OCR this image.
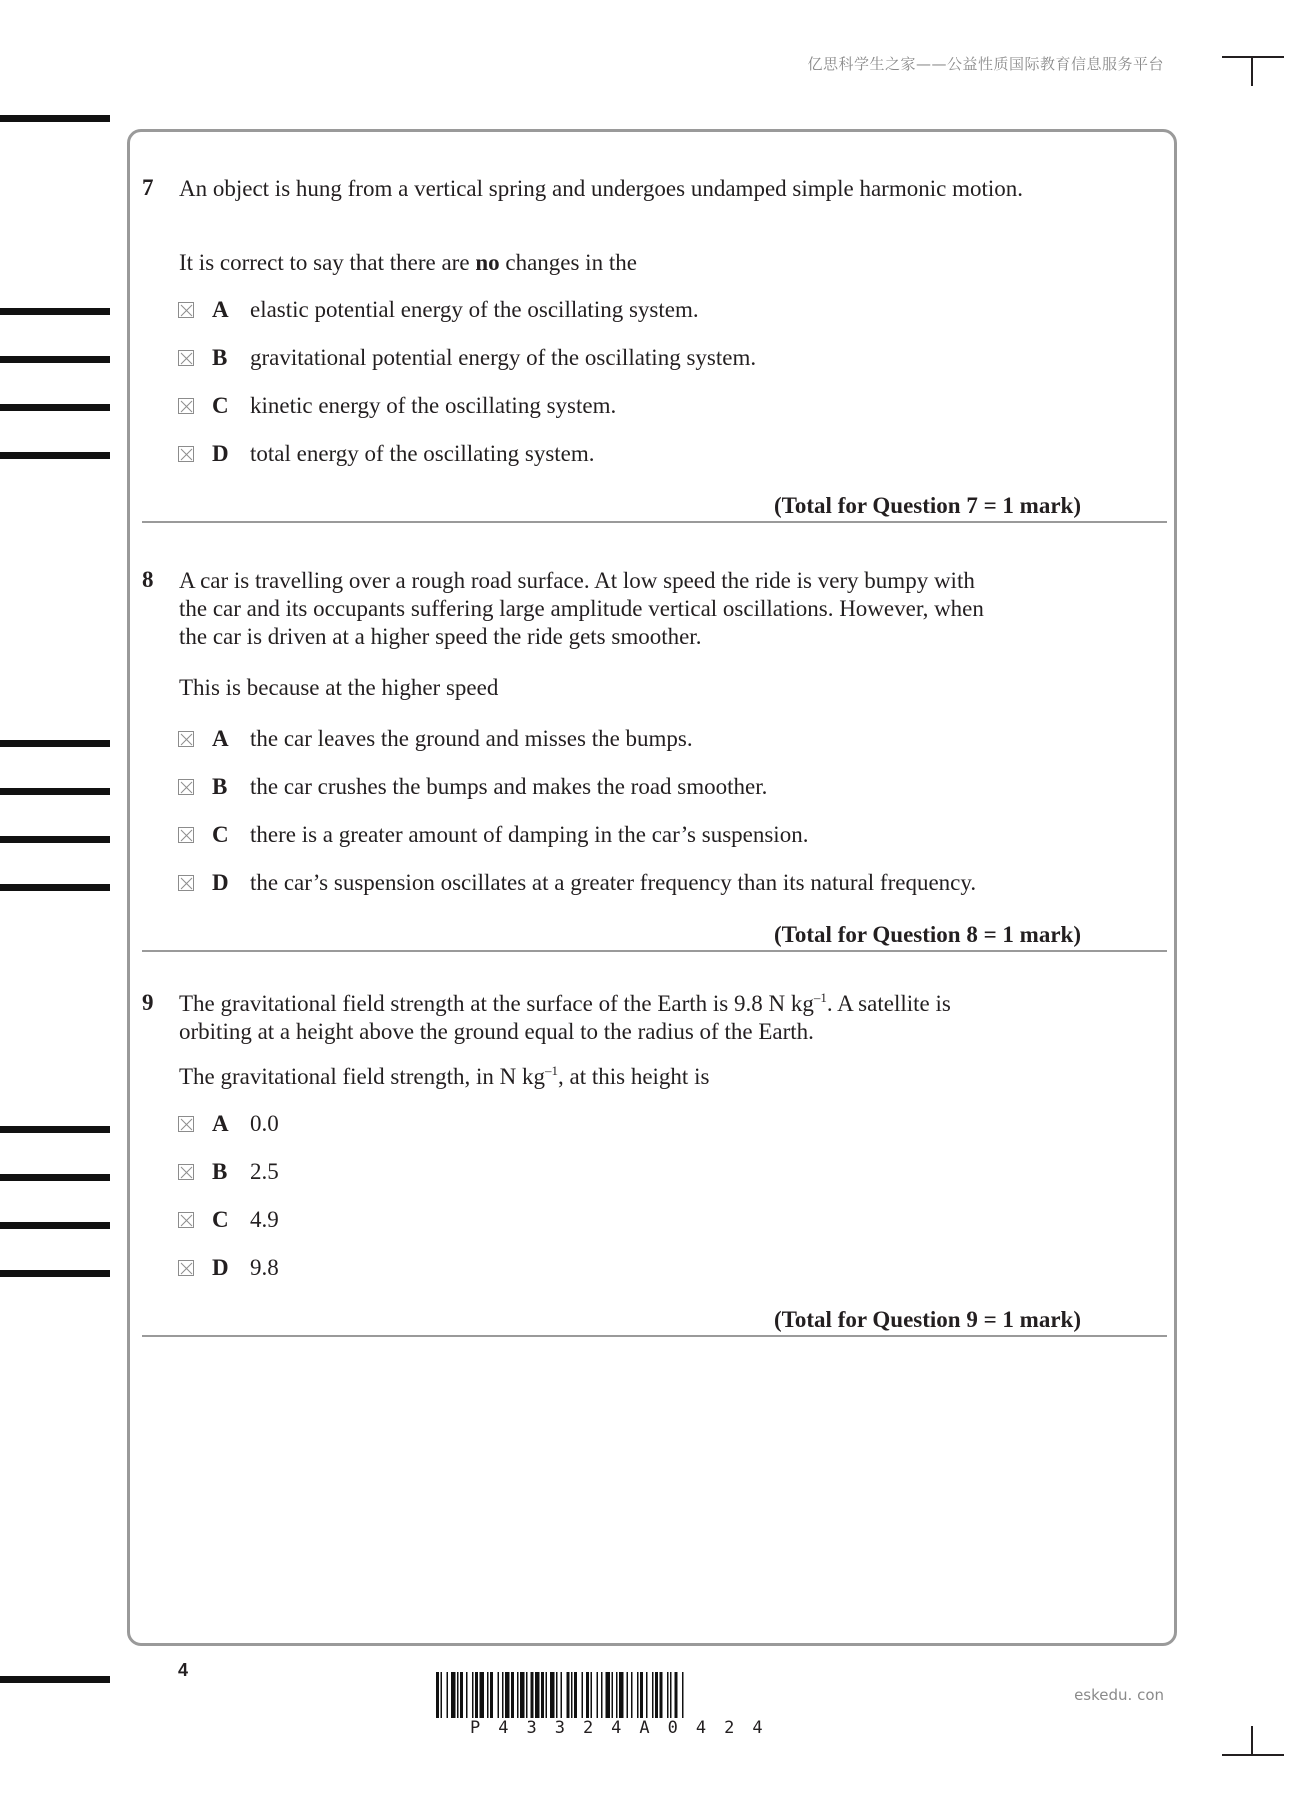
亿思科学生之家——公益性质国际教育信息服务平台
7 An object is hung from a vertical spring and undergoes undamped simple harmonic motion.
It is correct to say that there are no changes in the
A elastic potential energy of the oscillating system.
B gravitational potential energy of the oscillating system.
C kinetic energy of the oscillating system.
D total energy of the oscillating system.
(Total for Question 7 = 1 mark)
8 A car is travelling over a rough road surface. At low speed the ride is very bumpy with
the car and its occupants suffering large amplitude vertical oscillations. However, when
the car is driven at a higher speed the ride gets smoother.
This is because at the higher speed
A the car leaves the ground and misses the bumps.
B the car crushes the bumps and makes the road smoother.
C there is a greater amount of damping in the car’s suspension.
D the car’s suspension oscillates at a greater frequency than its natural frequency.
(Total for Question 8 = 1 mark)
9 The gravitational field strength at the surface of the Earth is 9.8 N $kg^{-1}$. A satellite is
orbiting at a height above the ground equal to the radius of the Earth.
The gravitational field strength, in N $kg^{-1}$, at this height is
A 0.0
B 2.5
C 4.9
D 9.8
(Total for Question 9 = 1 mark)
4
P43324A0424
eskedu. con
